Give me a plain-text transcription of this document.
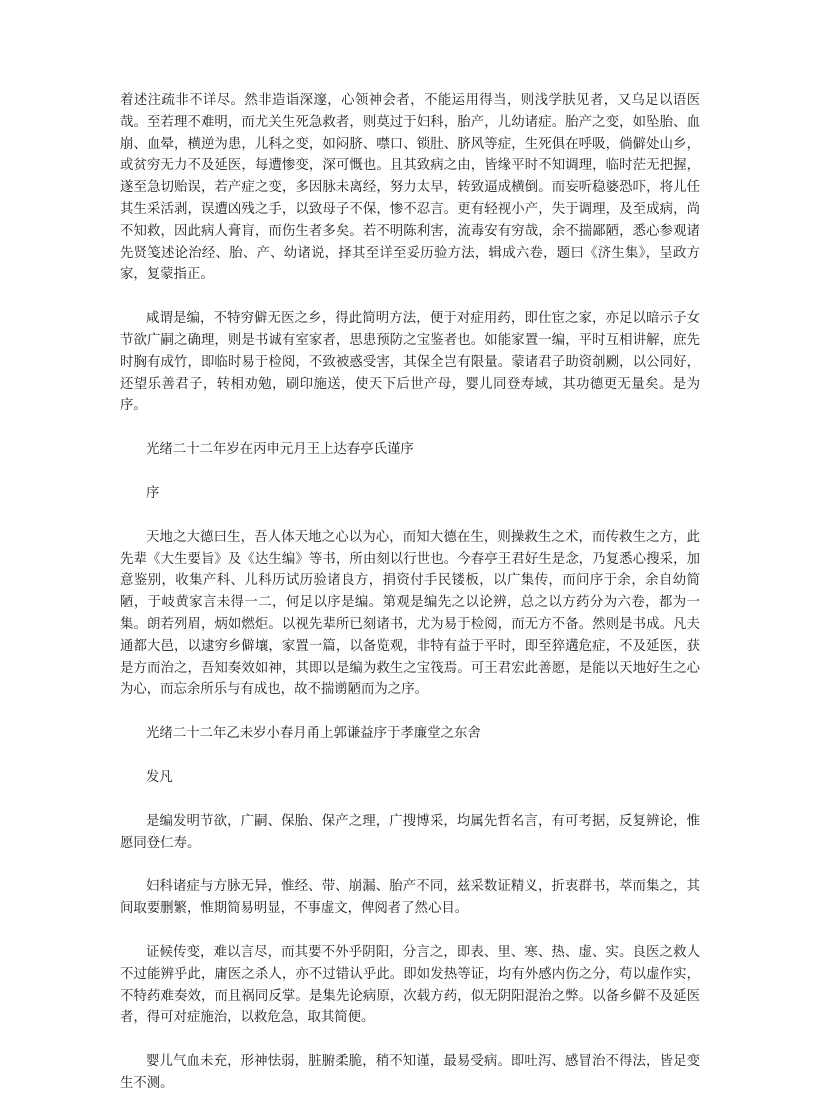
着述注疏非不详尽。然非造诣深邃，心领神会者，不能运用得当，则浅学肤见者，又乌足以语医哉。至若理不难明，而尤关生死急救者，则莫过于妇科，胎产，儿幼诸症。胎产之变，如坠胎、血崩、血晕，横逆为患，儿科之变，如闷脐、噤口、锁肚、脐风等症，生死俱在呼吸，倘僻处山乡，或贫穷无力不及延医，每遭惨变，深可慨也。且其致病之由，皆缘平时不知调理，临时茫无把握，遂至急切贻误，若产症之变，多因脉未离经，努力太早，转致逼成横倒。而妄听稳婆恐吓，将儿任其生采活剥，误遭凶残之手，以致母子不保，惨不忍言。更有轻视小产，失于调理，及至成病，尚不知救，因此病人膏肓，而伤生者多矣。若不明陈利害，流毒安有穷哉，余不揣鄙陋，悉心参观诸先贤笺述论治经、胎、产、幼诸说，择其至详至妥历验方法，辑成六卷，题曰《济生集》，呈政方家，复蒙指正。

咸谓是编，不特穷僻无医之乡，得此简明方法，便于对症用药，即仕宦之家，亦足以暗示子女节欲广嗣之确理，则是书诚有室家者，思患预防之宝鉴者也。如能家置一编，平时互相讲解，庶先时胸有成竹，即临时易于检阅，不致被惑受害，其保全岂有限量。蒙诸君子助资剞劂，以公同好，还望乐善君子，转相劝勉，刷印施送，使天下后世产母，婴儿同登寿域，其功德更无量矣。是为序。

光绪二十二年岁在丙申元月王上达春亭氏谨序

序

天地之大德曰生，吾人体天地之心以为心，而知大德在生，则操救生之术，而传救生之方，此先辈《大生要旨》及《达生编》等书，所由刻以行世也。今春亭王君好生是念，乃复悉心搜采，加意鉴别，收集产科、儿科历试历验诸良方，捐资付手民镂板，以广集传，而问序于余，余自幼简陋，于岐黄家言未得一二，何足以序是编。第观是编先之以论辨，总之以方药分为六卷，都为一集。朗若列眉，炳如燃炬。以视先辈所已刻诸书，尤为易于检阅，而无方不备。然则是书成。凡夫通都大邑，以逮穷乡僻壤，家置一篇，以备览观，非特有益于平时，即至猝遘危症，不及延医，获是方而治之，吾知奏效如神，其即以是编为救生之宝筏焉。可王君宏此善愿，是能以天地好生之心为心，而忘余所乐与有成也，故不揣谫陋而为之序。

光绪二十二年乙未岁小春月甬上郭谦益序于孝廉堂之东舍

发凡

是编发明节欲，广嗣、保胎、保产之理，广搜博采，均属先哲名言，有可考据，反复辨论，惟愿同登仁寿。

妇科诸症与方脉无异，惟经、带、崩漏、胎产不同，兹采数证精义，折衷群书，萃而集之，其间取要删繁，惟期简易明显，不事虚文，俾阅者了然心目。

证候传变，难以言尽，而其要不外乎阴阳，分言之，即表、里、寒、热、虚、实。良医之救人不过能辨乎此，庸医之杀人，亦不过错认乎此。即如发热等证，均有外感内伤之分，苟以虚作实，不特药难奏效，而且祸同反掌。是集先论病原，次载方药，似无阴阳混治之弊。以备乡僻不及延医者，得可对症施治，以救危急，取其简便。

婴儿气血未充，形神怯弱，脏腑柔脆，稍不知谨，最易受病。即吐泻、感冒治不得法，皆足变生不测。
